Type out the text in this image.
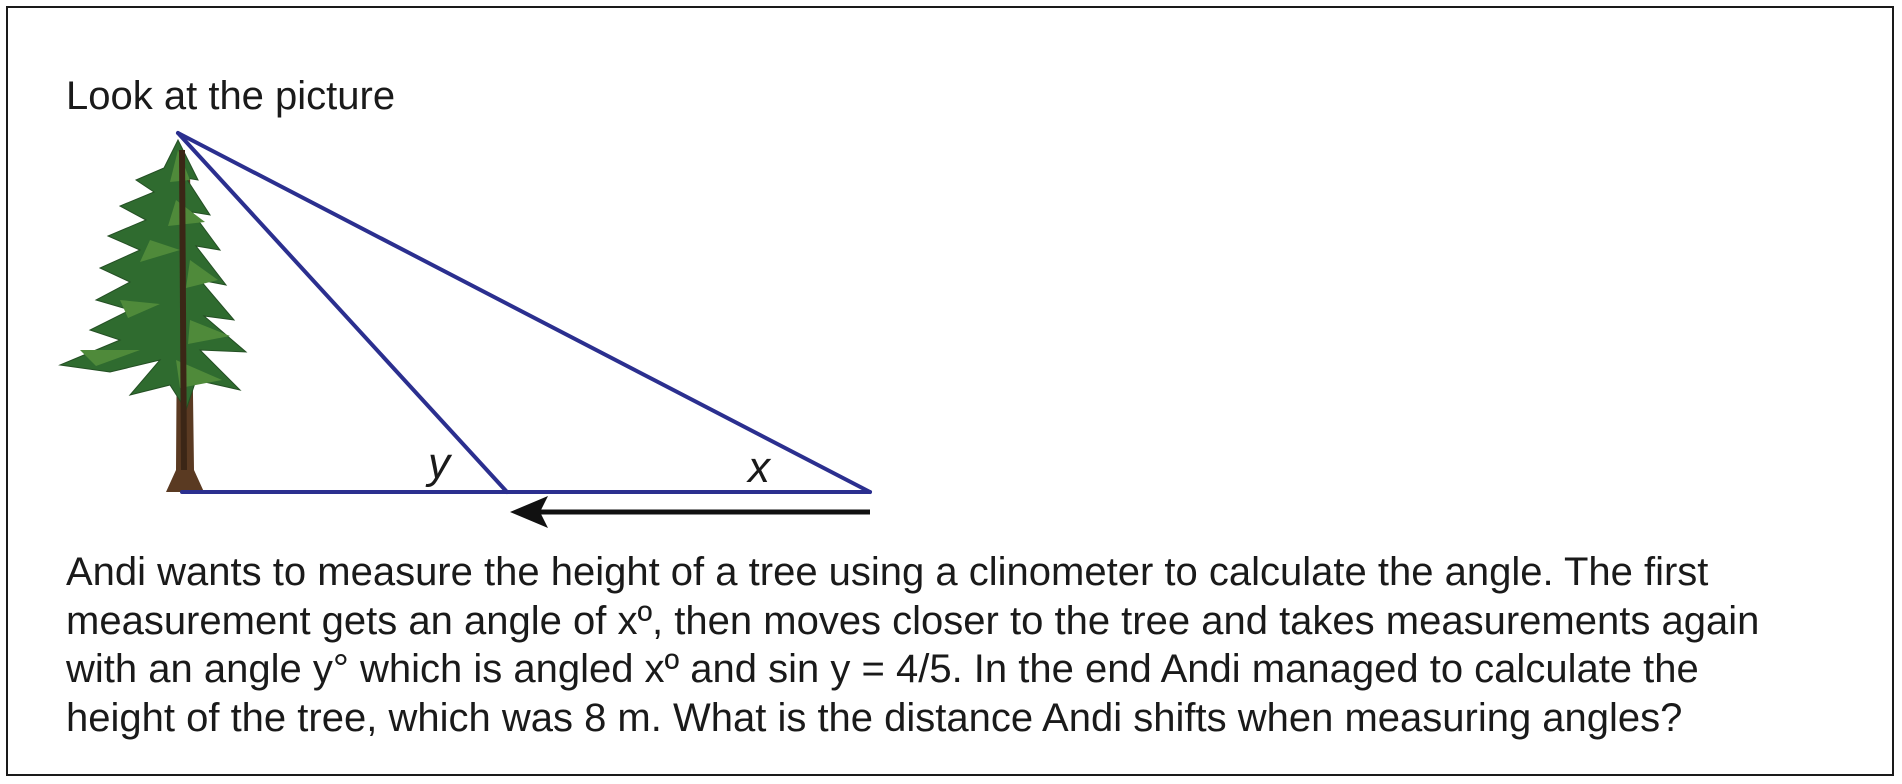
Look at the picture
y	x

Andi wants to measure the height of a tree using a clinometer to calculate the angle. The first

measurement gets an angle of xº, then moves closer to the tree and takes measurements again

with an angle y° which is angled xº and sin y = 4/5. In the end Andi managed to calculate the

height of the tree, which was 8 m. What is the distance Andi shifts when measuring angles?
